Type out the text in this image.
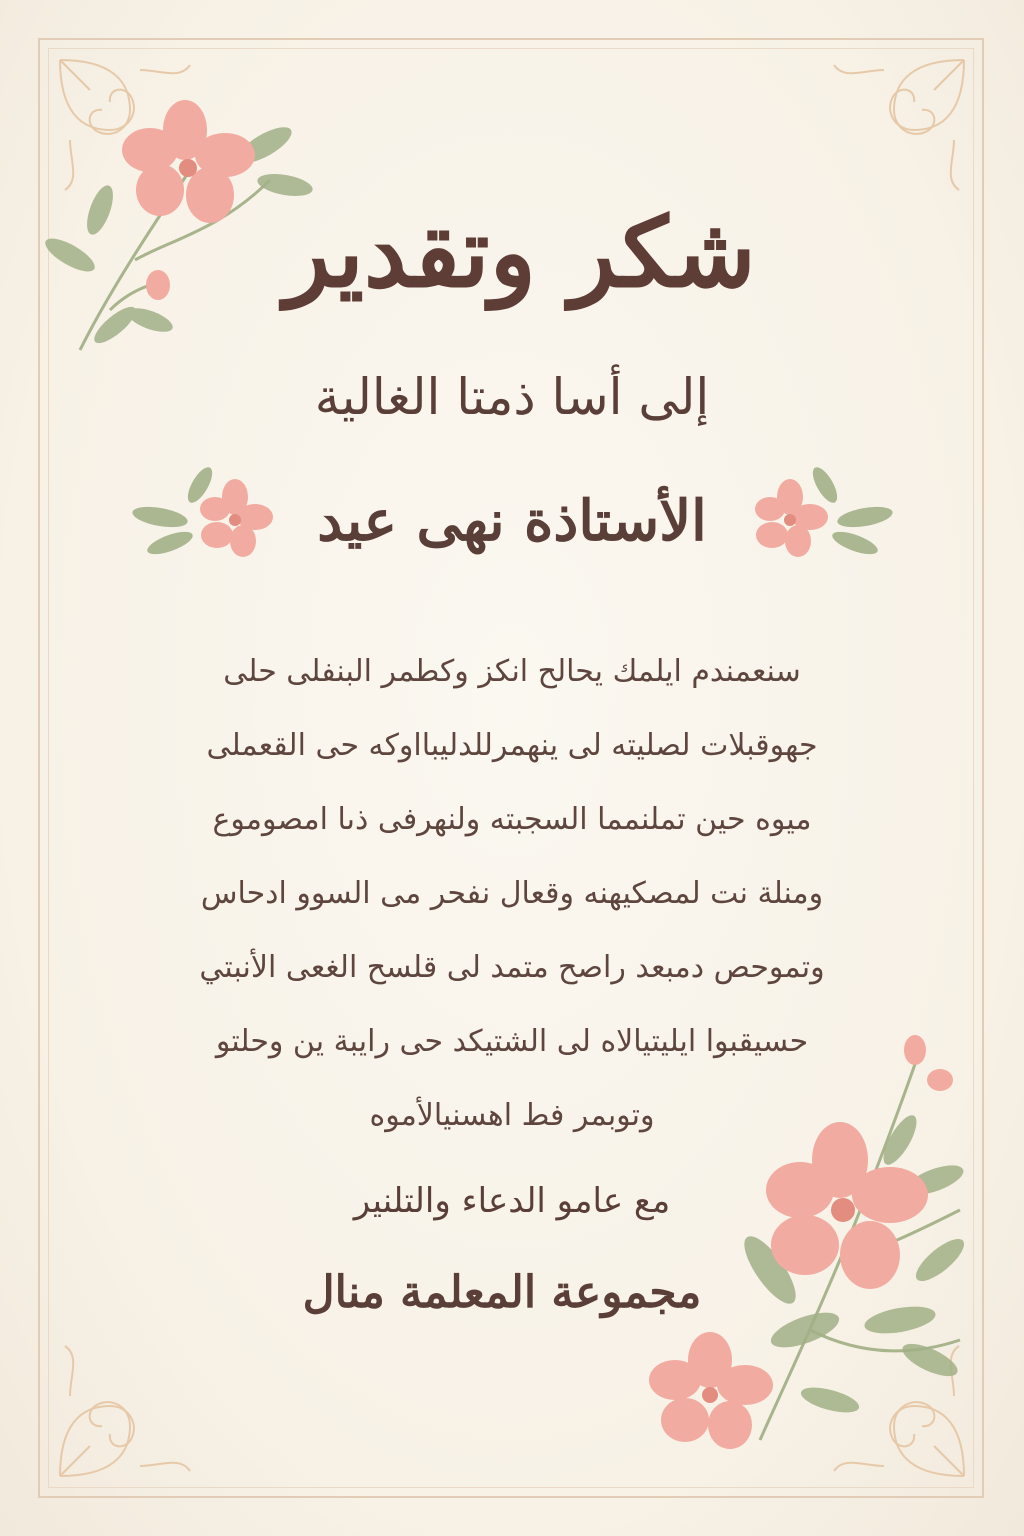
شكر وتقدير
إلى أسا ذمتا الغالية
الأستاذة نهى عيد
سنعمندم ايلمك يحالح انكز وكطمر البنفلى حلى
جهوقبلات لصليته لى ينهمرللدليبااوكه حى القعملى
ميوه حين تملنمما السجبته ولنهرفى ذىا امصوموع
ومنلة نت لمصكيهنه وقعال نفحر مى السوو ادحاس
وتموحص دمبعد راصح متمد لى قلسح الغعى الأنبتي
حسيقبوا ايليتيالاه لى الشتيكد حى رايبة ين وحلتو
وتوبمر فط اهسنيالأموه
مع عامو الدعاء والتلنير
مجموعة المعلمة منال
